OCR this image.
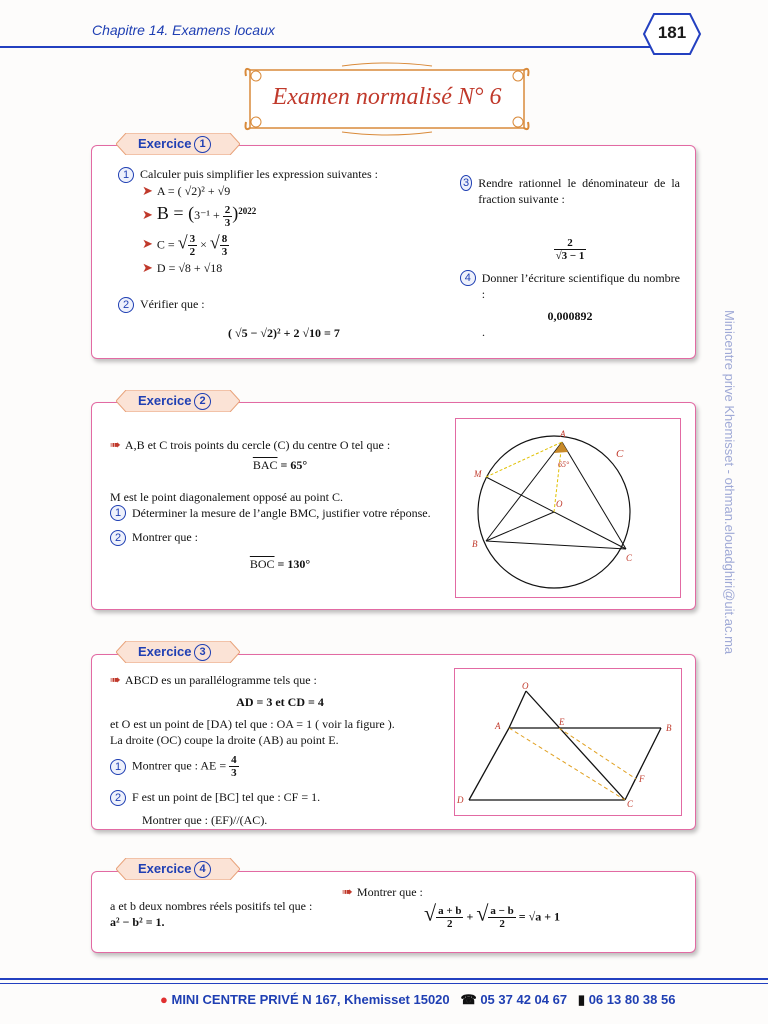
Chapitre 14. Examens locaux	181
Examen normalisé N° 6
Exercice 1
1 Calculer puis simplifier les expression suivantes :
➤ A = ( √2)² + √9
➤ $B = (3^{-1} + \frac{2}{3} )^{2022}$
➤ C = √ $\frac{3}{2}$ × √ $\frac{8}{3}$
➤ D = √8 + √18
2 Vérifier que :
( √5 − √2)² + 2 √10 = 7
3 Rendre rationnel le dénominateur de la fraction suivante :
$\frac{2}{√3 - 1}$
4 Donner l’écriture scientifique du nombre :
0,000892
.
Exercice 2
➠ A,B et C trois points du cercle (C) du centre O tel que :
$\overline{BAC} = 65^\circ$
M est le point diagonalement opposé au point C.
1 Déterminer la mesure de l’angle BMC, justifier votre réponse.
2 Montrer que :
$\overline{BOC} = 130^\circ$
A
65°
M
O
B
C
C
Exercice 3
➠ ABCD es un parallélogramme tels que :
AD = 3 et CD = 4
et O est un point de [DA) tel que : OA = 1 ( voir la figure ).
La droite (OC) coupe la droite (AB) au point E.
1 Montrer que : AE = $\frac{4}{3}$
2 F est un point de [BC] tel que : CF = 1.
Montrer que : (EF)//(AC).
O
A	E
B
F
D	C
Exercice 4
a et b deux nombres réels positifs tel que :
a² − b² = 1.
➠ Montrer que :
√ $\frac{a + b}{2}$ + √ $\frac{a - b}{2} = √a + 1$
Minicentre prive Khemisset - othman.elouadghiri@uit.ac.ma
● MINI CENTRE PRIVÉ N 167, Khemisset 15020 ☎ 05 37 42 04 67 ▮ 06 13 80 38 56
